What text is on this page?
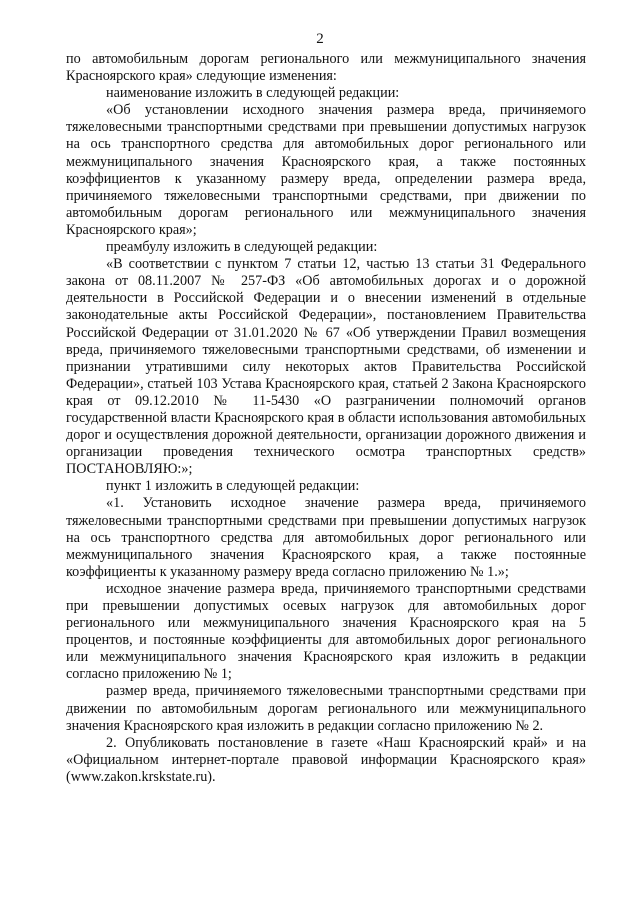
2

по автомобильным дорогам регионального или межмуниципального значения Красноярского края» следующие изменения:

наименование изложить в следующей редакции:

«Об установлении исходного значения размера вреда, причиняемого тяжеловесными транспортными средствами при превышении допустимых нагрузок на ось транспортного средства для автомобильных дорог регионального или межмуниципального значения Красноярского края, а также постоянных коэффициентов к указанному размеру вреда, определении размера вреда, причиняемого тяжеловесными транспортными средствами, при движении по автомобильным дорогам регионального или межмуниципального значения Красноярского края»;

преамбулу изложить в следующей редакции:

«В соответствии с пунктом 7 статьи 12, частью 13 статьи 31 Федерального закона от 08.11.2007 № 257-ФЗ «Об автомобильных дорогах и о дорожной деятельности в Российской Федерации и о внесении изменений в отдельные законодательные акты Российской Федерации», постановлением Правительства Российской Федерации от 31.01.2020 № 67 «Об утверждении Правил возмещения вреда, причиняемого тяжеловесными транспортными средствами, об изменении и признании утратившими силу некоторых актов Правительства Российской Федерации», статьей 103 Устава Красноярского края, статьей 2 Закона Красноярского края от 09.12.2010 № 11-5430 «О разграничении полномочий органов государственной власти Красноярского края в области использования автомобильных дорог и осуществления дорожной деятельности, организации дорожного движения и организации проведения технического осмотра транспортных средств» ПОСТАНОВЛЯЮ:»;

пункт 1 изложить в следующей редакции:

«1. Установить исходное значение размера вреда, причиняемого тяжеловесными транспортными средствами при превышении допустимых нагрузок на ось транспортного средства для автомобильных дорог регионального или межмуниципального значения Красноярского края, а также постоянные коэффициенты к указанному размеру вреда согласно приложению № 1.»;

исходное значение размера вреда, причиняемого транспортными средствами при превышении допустимых осевых нагрузок для автомобильных дорог регионального или межмуниципального значения Красноярского края на 5 процентов, и постоянные коэффициенты для автомобильных дорог регионального или межмуниципального значения Красноярского края изложить в редакции согласно приложению № 1;

размер вреда, причиняемого тяжеловесными транспортными средствами при движении по автомобильным дорогам регионального или межмуниципального значения Красноярского края изложить в редакции согласно приложению № 2.

2. Опубликовать постановление в газете «Наш Красноярский край» и на «Официальном интернет-портале правовой информации Красноярского края» (www.zakon.krskstate.ru).
